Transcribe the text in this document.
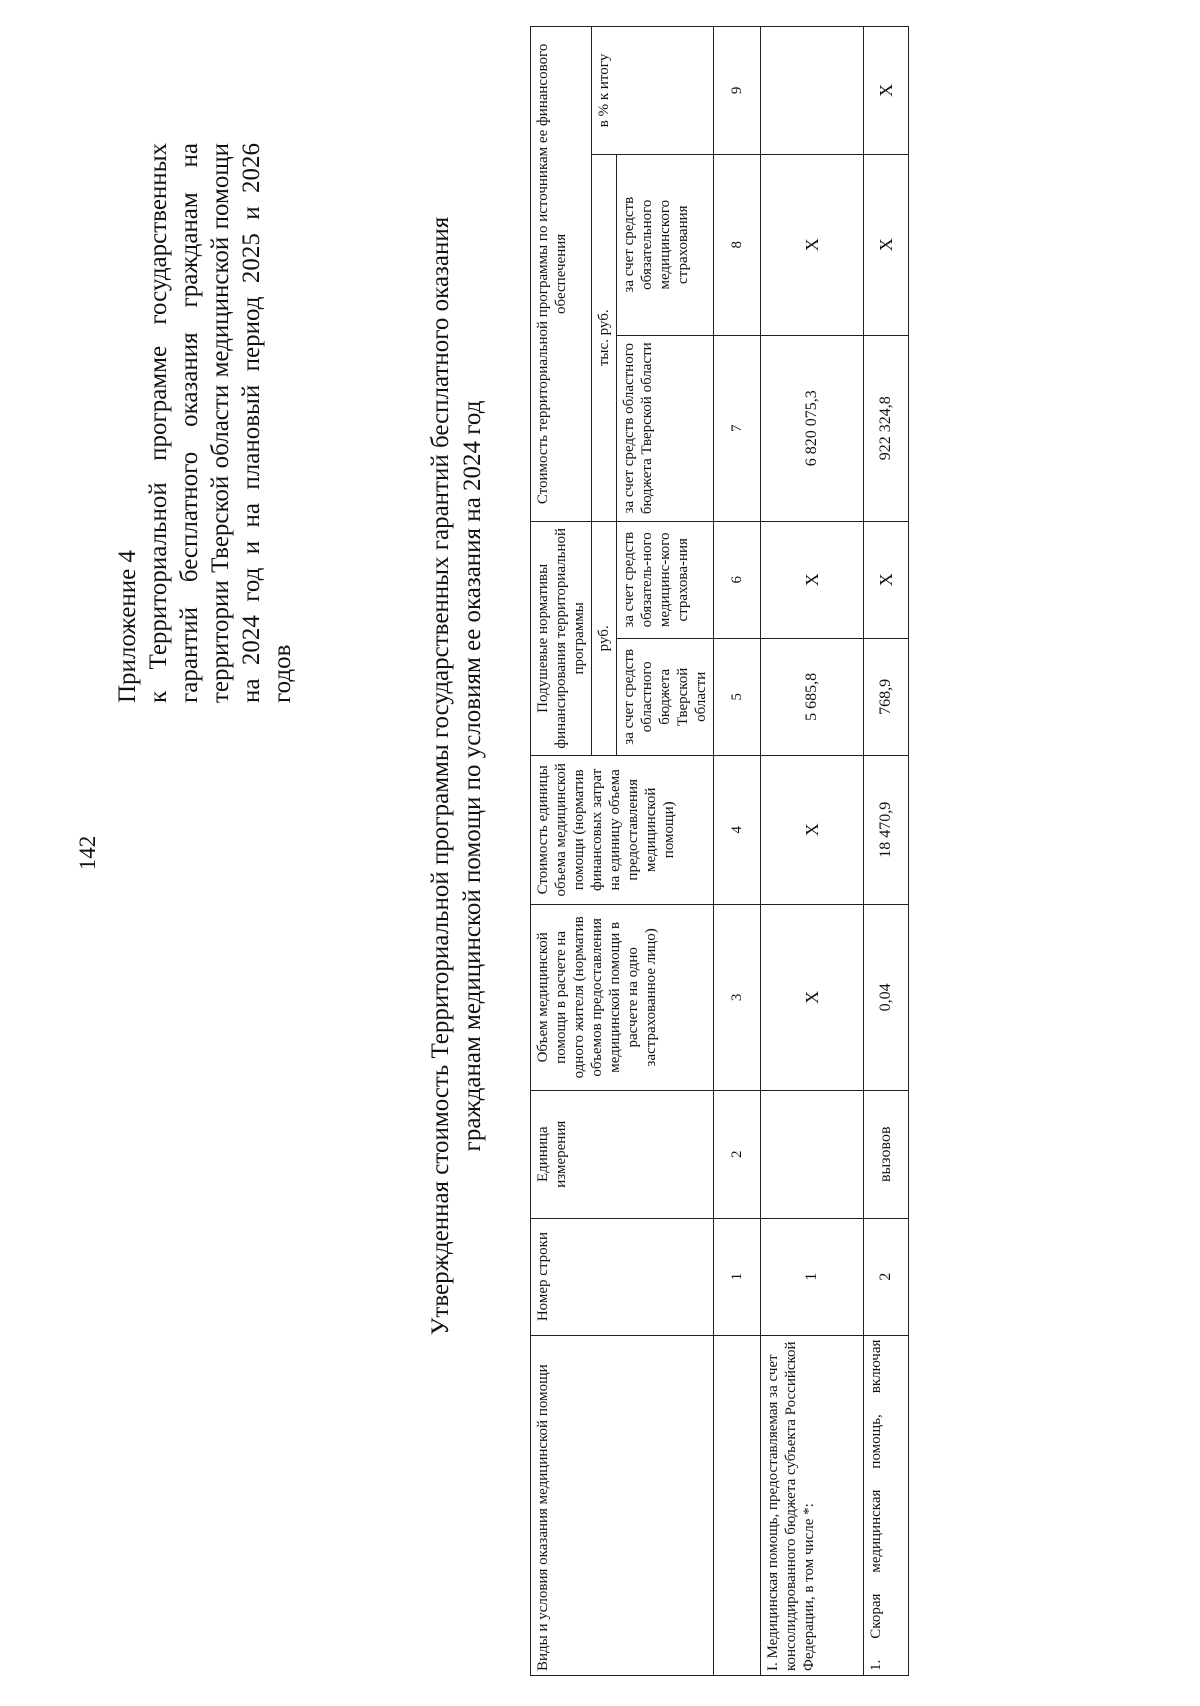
142
Приложение 4 к Территориальной программе государственных гарантий бесплатного оказания гражданам на территории Тверской области медицинской помощи на 2024 год и на плановый период 2025 и 2026 годов	Утвержденная стоимость Территориальной программы государственных гарантий бесплатного оказания гражданам медицинской помощи по условиям ее оказания на 2024 год
Виды и условия оказания медицинской помощи	Номер строки	Единица измерения	Объем медицинской помощи в расчете на одного жителя (норматив объемов предоставления медицинской помощи в расчете на одно застрахованное лицо)	Стоимость единицы объема медицинской помощи (норматив финансовых затрат на единицу объема предоставления медицинской помощи)	Подушевые нормативы финансирования территориальной программы		Стоимость территориальной программы по источникам ее финансового обеспечения		
					руб.		тыс. руб.		в % к итогу
					за счет средств областного бюджета Тверской области	за счет средств обязатель-ного медицинс-кого страхова-ния	за счет средств областного бюджета Тверской области	за счет средств обязательного медицинского страхования	
	1	2	3	4	5	6	7	8	9
I. Медицинская помощь, предоставляемая за счет консолидированного бюджета субъекта Российской Федерации, в том числе *:	1		X	X	5 685,8	X	6 820 075,3	X	
1. Скорая медицинская помощь, включая	2	вызовов	0,04	18 470,9	768,9	X	922 324,8	X	X
